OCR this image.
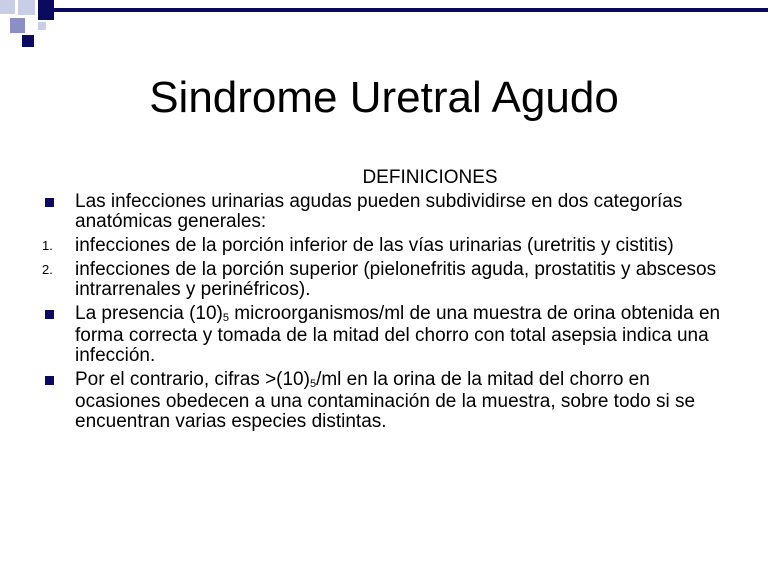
Sindrome Uretral Agudo
DEFINICIONES
Las infecciones urinarias agudas pueden subdividirse en dos categorías anatómicas generales:
1.	infecciones de la porción inferior de las vías urinarias (uretritis y cistitis)
2.	infecciones de la porción superior (pielonefritis aguda, prostatitis y abscesos intrarrenales y perinéfricos).
La presencia (10)5 microorganismos/ml de una muestra de orina obtenida en forma correcta y tomada de la mitad del chorro con total asepsia indica una infección.
Por el contrario, cifras >(10)5/ml en la orina de la mitad del chorro en ocasiones obedecen a una contaminación de la muestra, sobre todo si se encuentran varias especies distintas.
